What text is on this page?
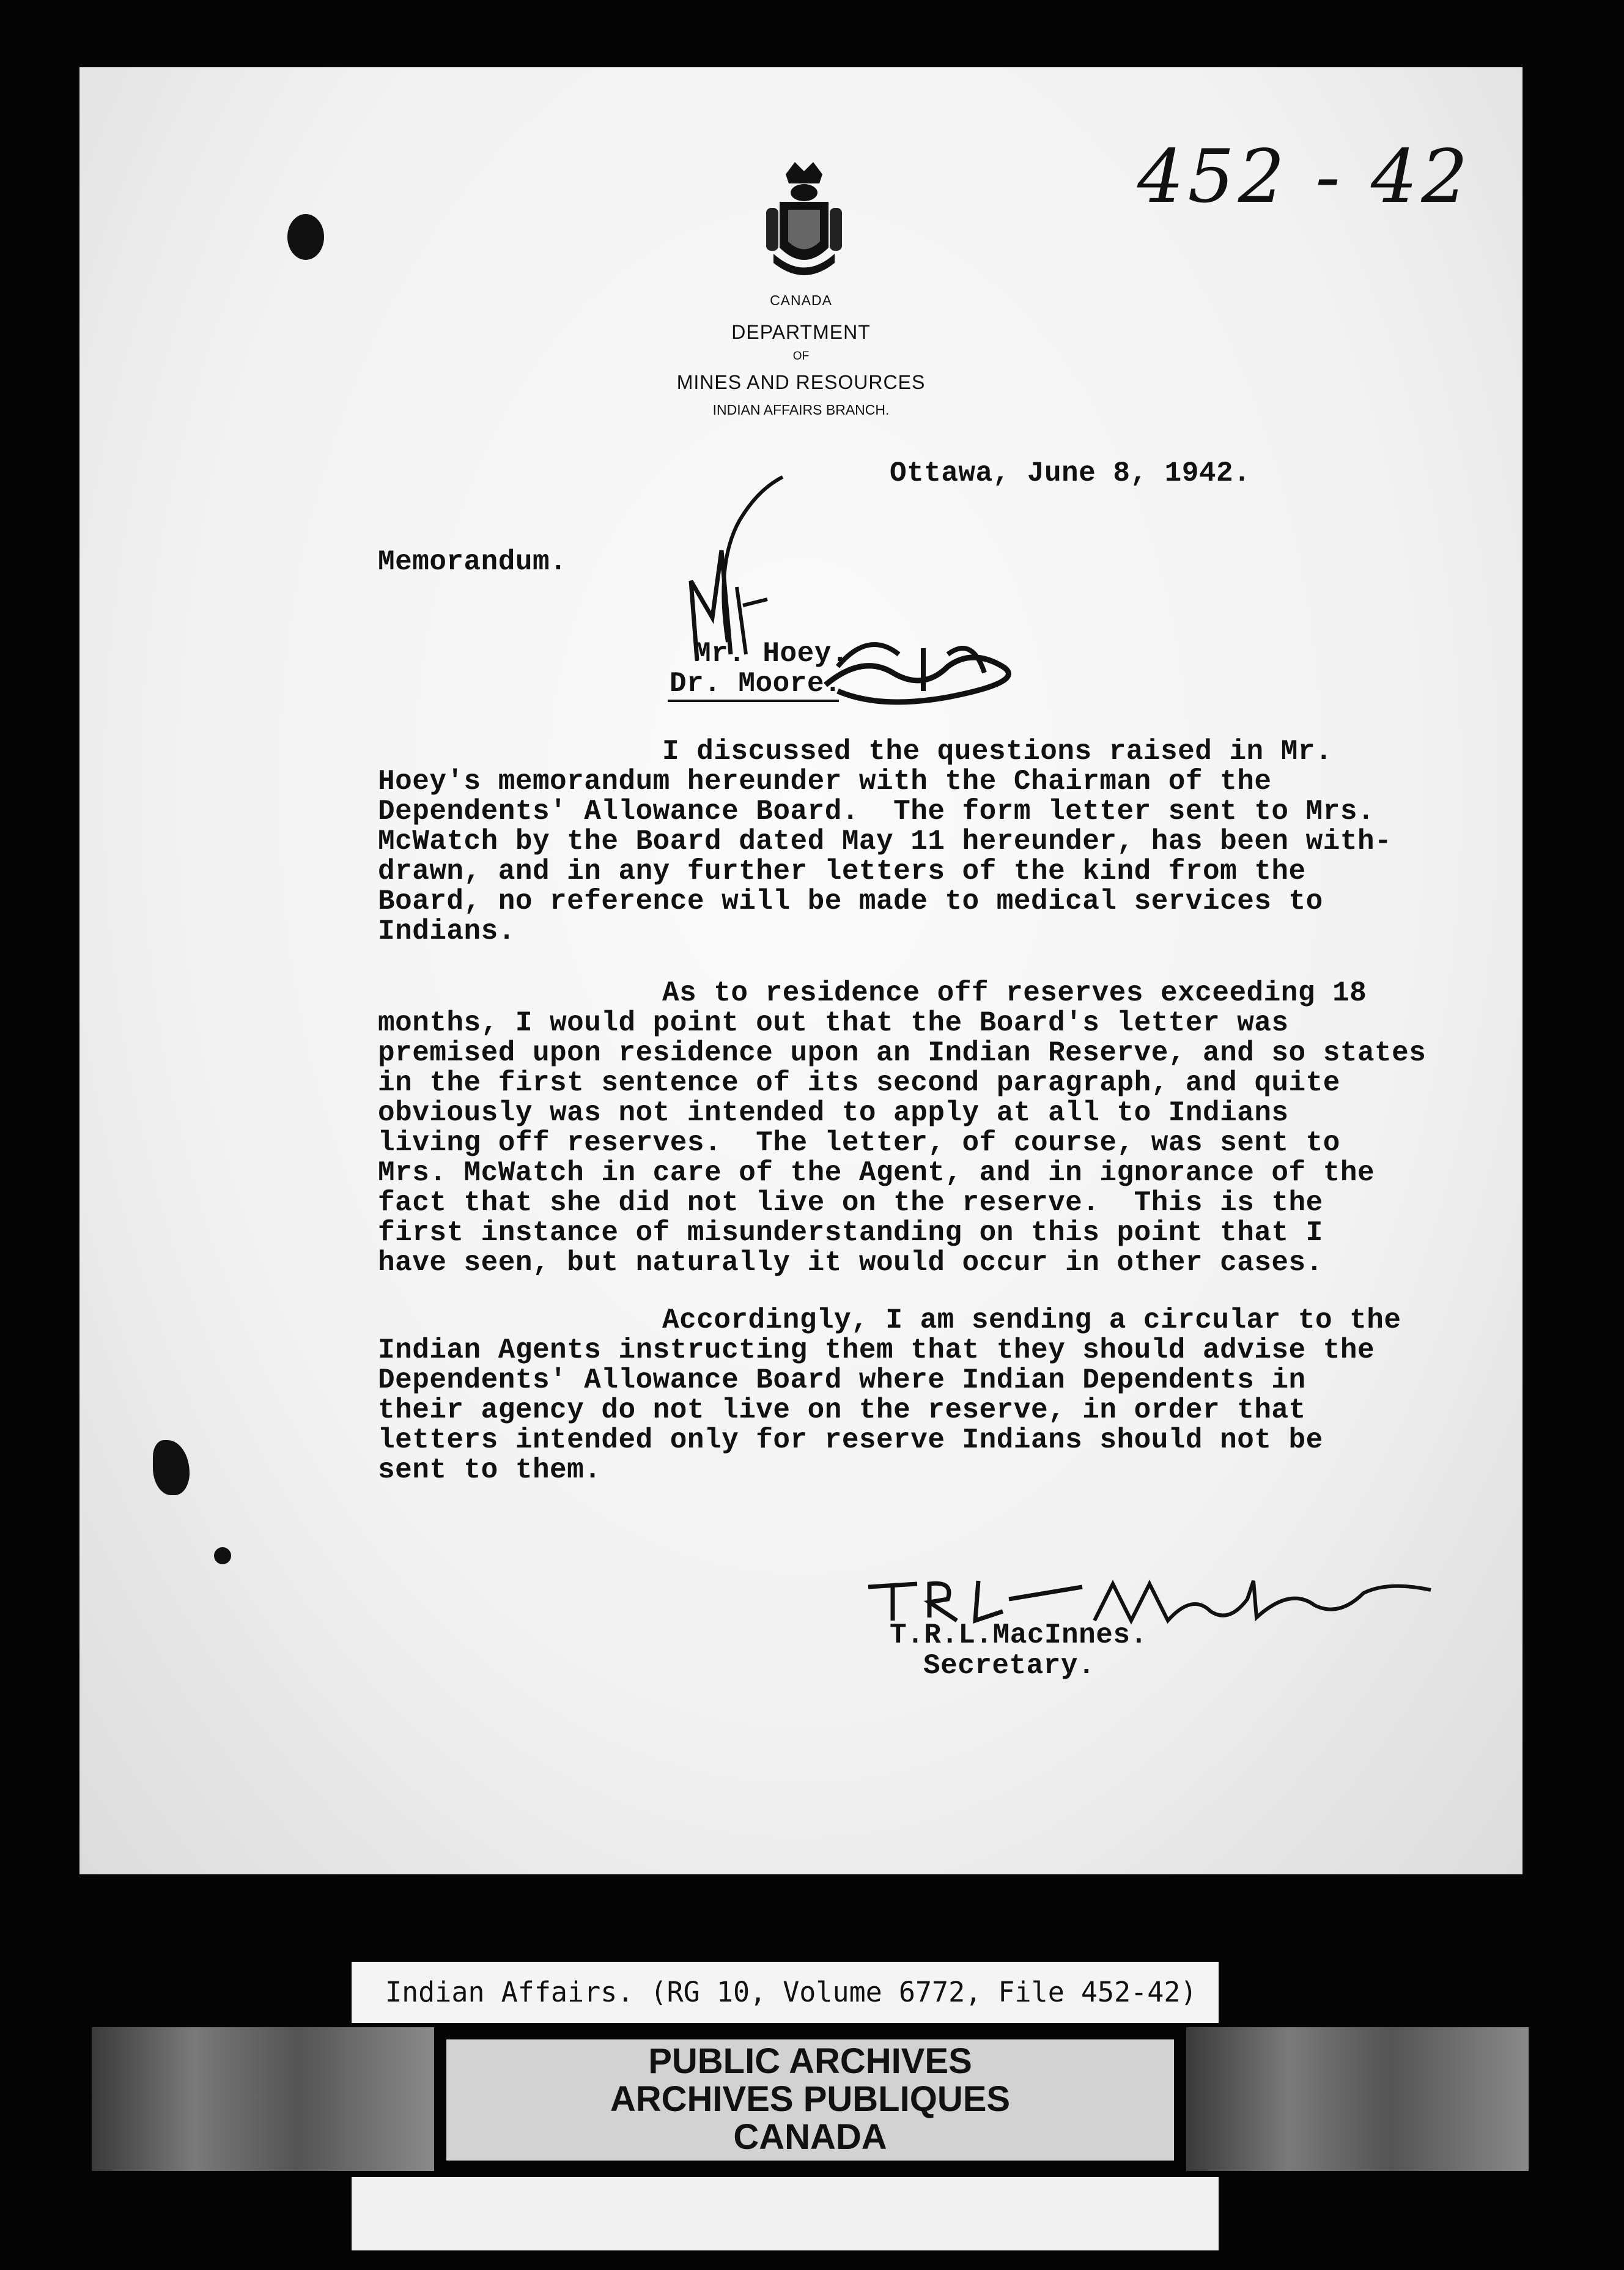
452 - 42
CANADA
DEPARTMENT
OF
MINES AND RESOURCES
INDIAN AFFAIRS BRANCH.
Ottawa, June 8, 1942.
Memorandum.
Mr. Hoey.
Dr. Moore.
I discussed the questions raised in Mr.
Hoey's memorandum hereunder with the Chairman of the
Dependents' Allowance Board.  The form letter sent to Mrs.
McWatch by the Board dated May 11 hereunder, has been with-
drawn, and in any further letters of the kind from the
Board, no reference will be made to medical services to
Indians.
As to residence off reserves exceeding 18
months, I would point out that the Board's letter was
premised upon residence upon an Indian Reserve, and so states
in the first sentence of its second paragraph, and quite
obviously was not intended to apply at all to Indians
living off reserves.  The letter, of course, was sent to
Mrs. McWatch in care of the Agent, and in ignorance of the
fact that she did not live on the reserve.  This is the
first instance of misunderstanding on this point that I
have seen, but naturally it would occur in other cases.
Accordingly, I am sending a circular to the
Indian Agents instructing them that they should advise the
Dependents' Allowance Board where Indian Dependents in
their agency do not live on the reserve, in order that
letters intended only for reserve Indians should not be
sent to them.
T.R.L.MacInnes.
Secretary.
Indian Affairs. (RG 10, Volume 6772, File 452-42)
PUBLIC ARCHIVES
ARCHIVES PUBLIQUES
CANADA
